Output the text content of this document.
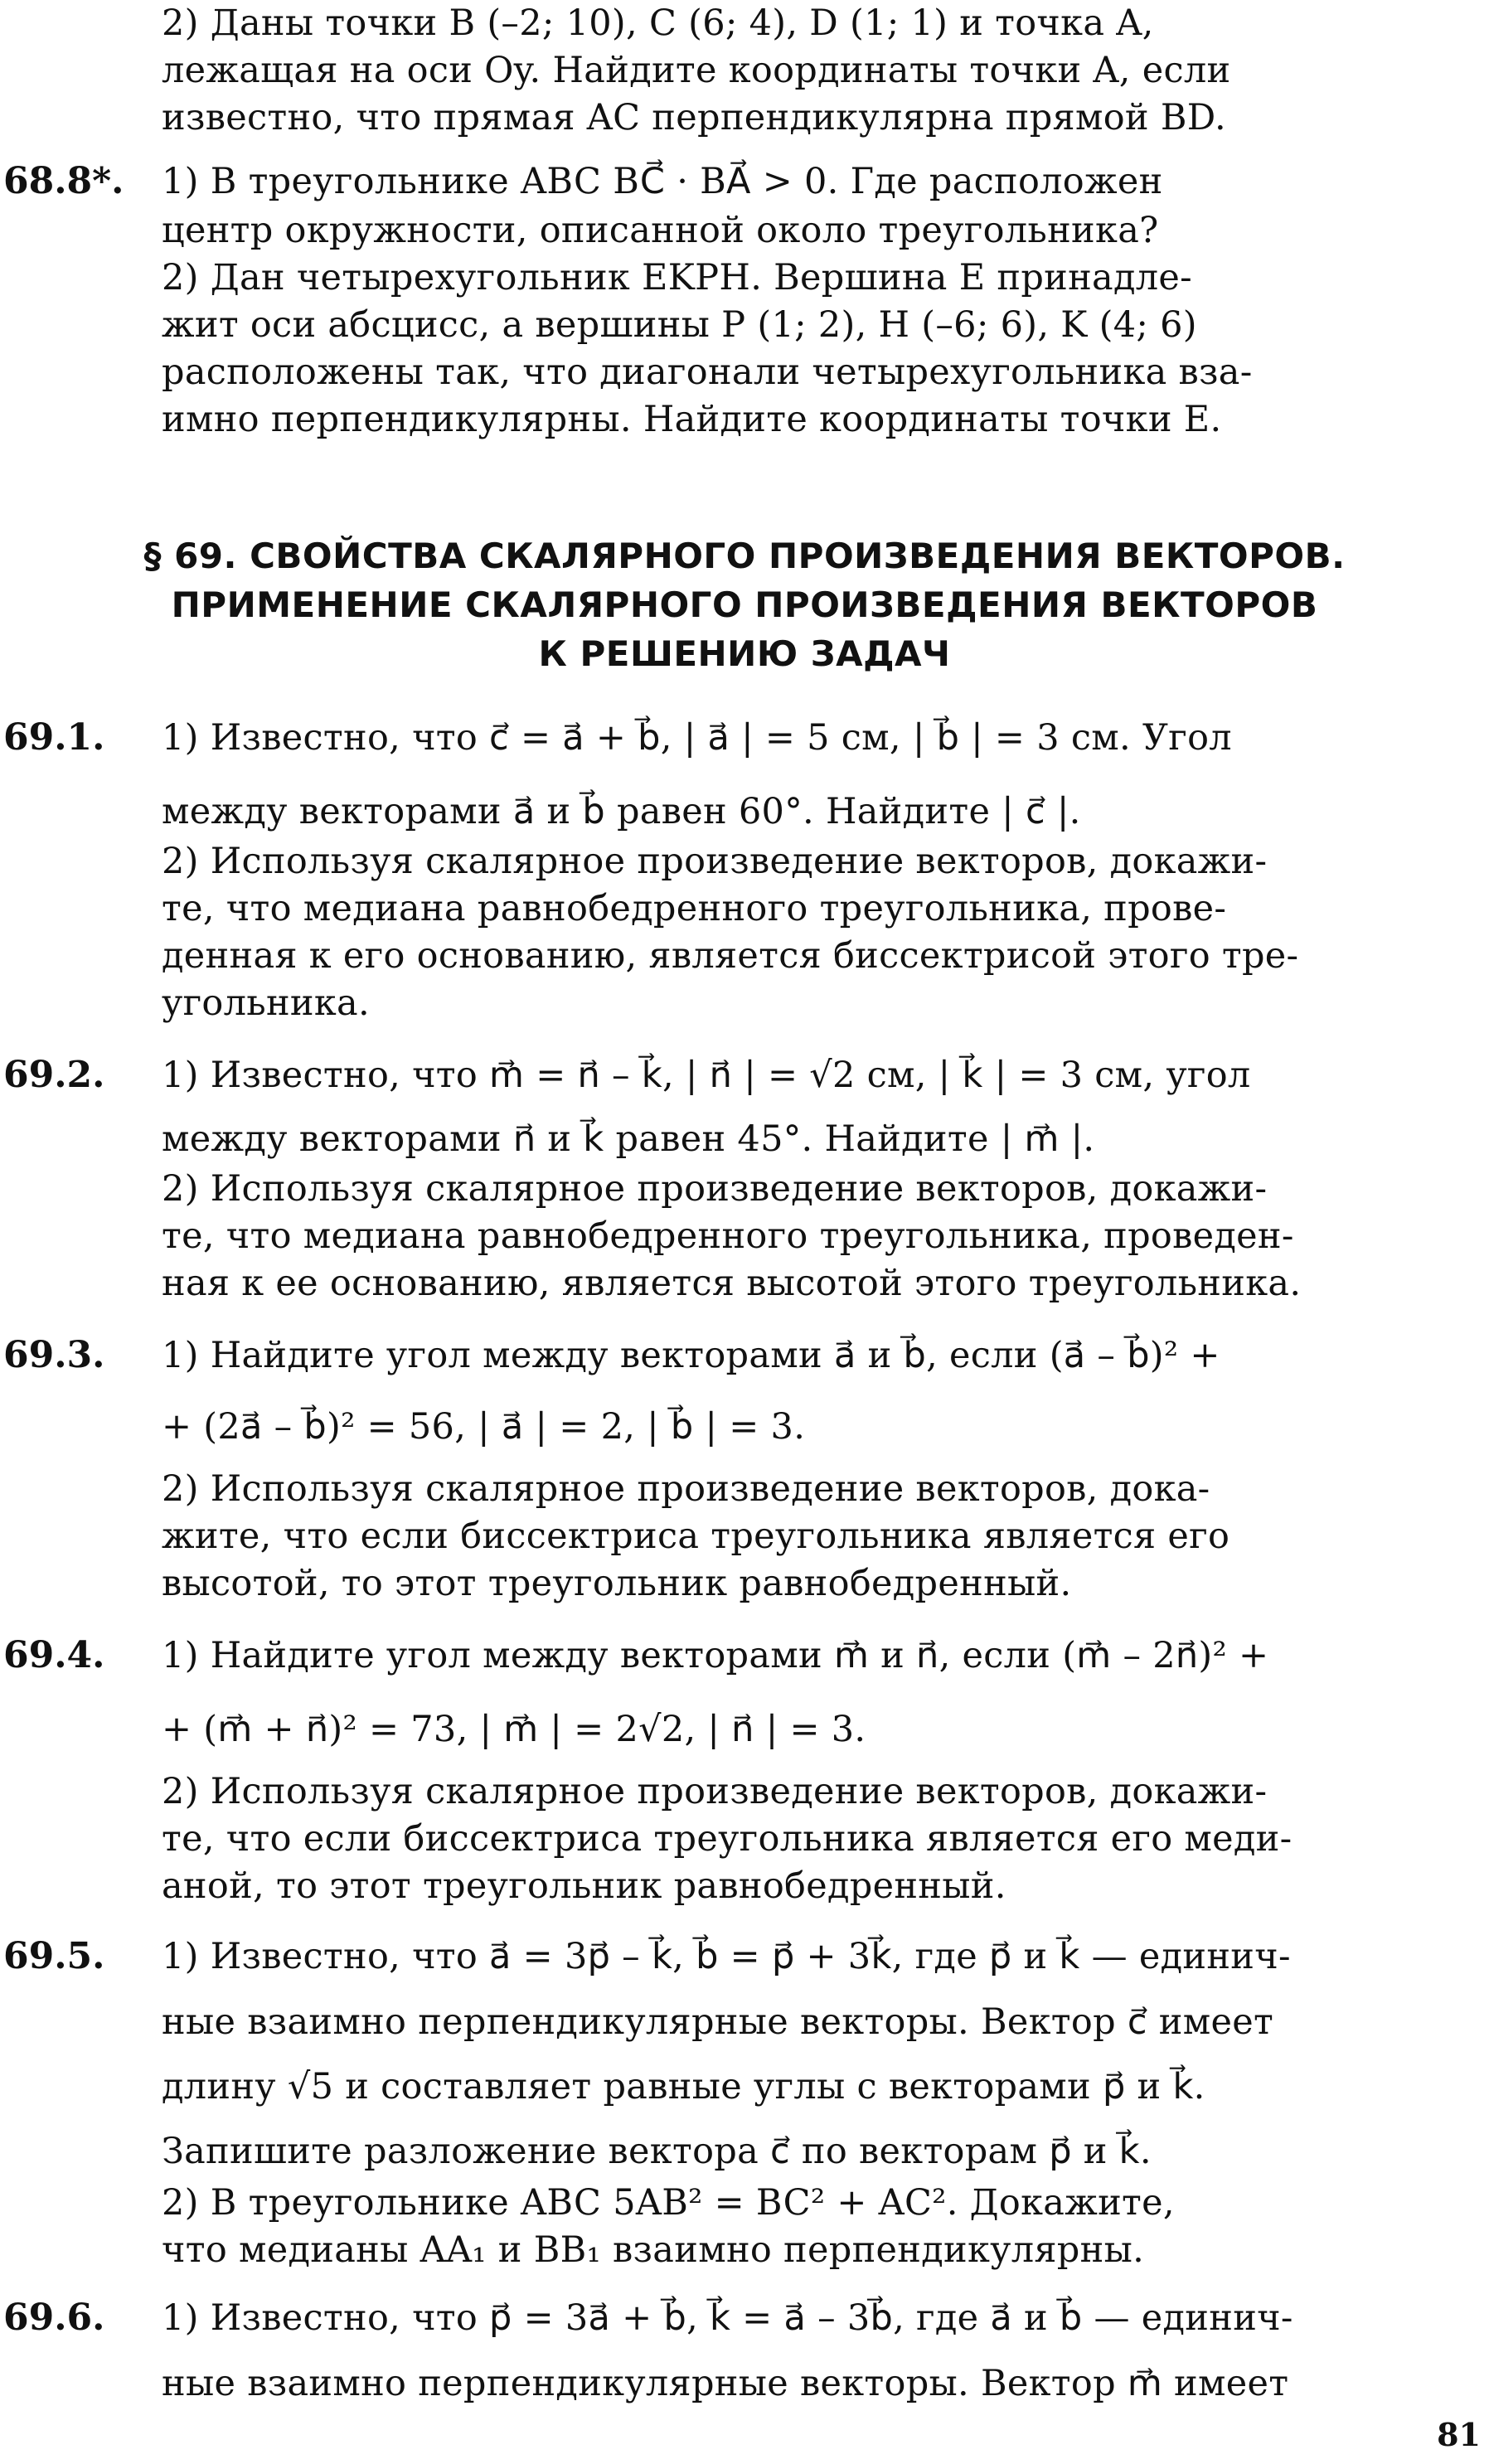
2) Даны точки B (–2; 10), C (6; 4), D (1; 1) и точка A,
лежащая на оси Oy. Найдите координаты точки A, если
известно, что прямая AC перпендикулярна прямой BD.
68.8*. 1) В треугольнике ABC BC⃗ · BA⃗ > 0. Где расположен
центр окружности, описанной около треугольника?
2) Дан четырехугольник EKPH. Вершина E принадле-
жит оси абсцисс, а вершины P (1; 2), H (–6; 6), K (4; 6)
расположены так, что диагонали четырехугольника вза-
имно перпендикулярны. Найдите координаты точки E.
§ 69. СВОЙСТВА СКАЛЯРНОГО ПРОИЗВЕДЕНИЯ ВЕКТОРОВ.
ПРИМЕНЕНИЕ СКАЛЯРНОГО ПРОИЗВЕДЕНИЯ ВЕКТОРОВ
К РЕШЕНИЮ ЗАДАЧ
69.1. 1) Известно, что c⃗ = a⃗ + b⃗, | a⃗ | = 5 см, | b⃗ | = 3 см. Угол
между векторами a⃗ и b⃗ равен 60°. Найдите | c⃗ |.
2) Используя скалярное произведение векторов, докажи-
те, что медиана равнобедренного треугольника, прове-
денная к его основанию, является биссектрисой этого тре-
угольника.
69.2. 1) Известно, что m⃗ = n⃗ – k⃗, | n⃗ | = √2 см, | k⃗ | = 3 см, угол
между векторами n⃗ и k⃗ равен 45°. Найдите | m⃗ |.
2) Используя скалярное произведение векторов, докажи-
те, что медиана равнобедренного треугольника, проведен-
ная к ее основанию, является высотой этого треугольника.
69.3. 1) Найдите угол между векторами a⃗ и b⃗, если (a⃗ – b⃗)² +
+ (2a⃗ – b⃗)² = 56, | a⃗ | = 2, | b⃗ | = 3.
2) Используя скалярное произведение векторов, дока-
жите, что если биссектриса треугольника является его
высотой, то этот треугольник равнобедренный.
69.4. 1) Найдите угол между векторами m⃗ и n⃗, если (m⃗ – 2n⃗)² +
+ (m⃗ + n⃗)² = 73, | m⃗ | = 2√2, | n⃗ | = 3.
2) Используя скалярное произведение векторов, докажи-
те, что если биссектриса треугольника является его меди-
аной, то этот треугольник равнобедренный.
69.5. 1) Известно, что a⃗ = 3p⃗ – k⃗, b⃗ = p⃗ + 3k⃗, где p⃗ и k⃗ — единич-
ные взаимно перпендикулярные векторы. Вектор c⃗ имеет
длину √5 и составляет равные углы с векторами p⃗ и k⃗.
Запишите разложение вектора c⃗ по векторам p⃗ и k⃗.
2) В треугольнике ABC 5AB² = BC² + AC². Докажите,
что медианы AA₁ и BB₁ взаимно перпендикулярны.
69.6. 1) Известно, что p⃗ = 3a⃗ + b⃗, k⃗ = a⃗ – 3b⃗, где a⃗ и b⃗ — единич-
ные взаимно перпендикулярные векторы. Вектор m⃗ имеет
81
